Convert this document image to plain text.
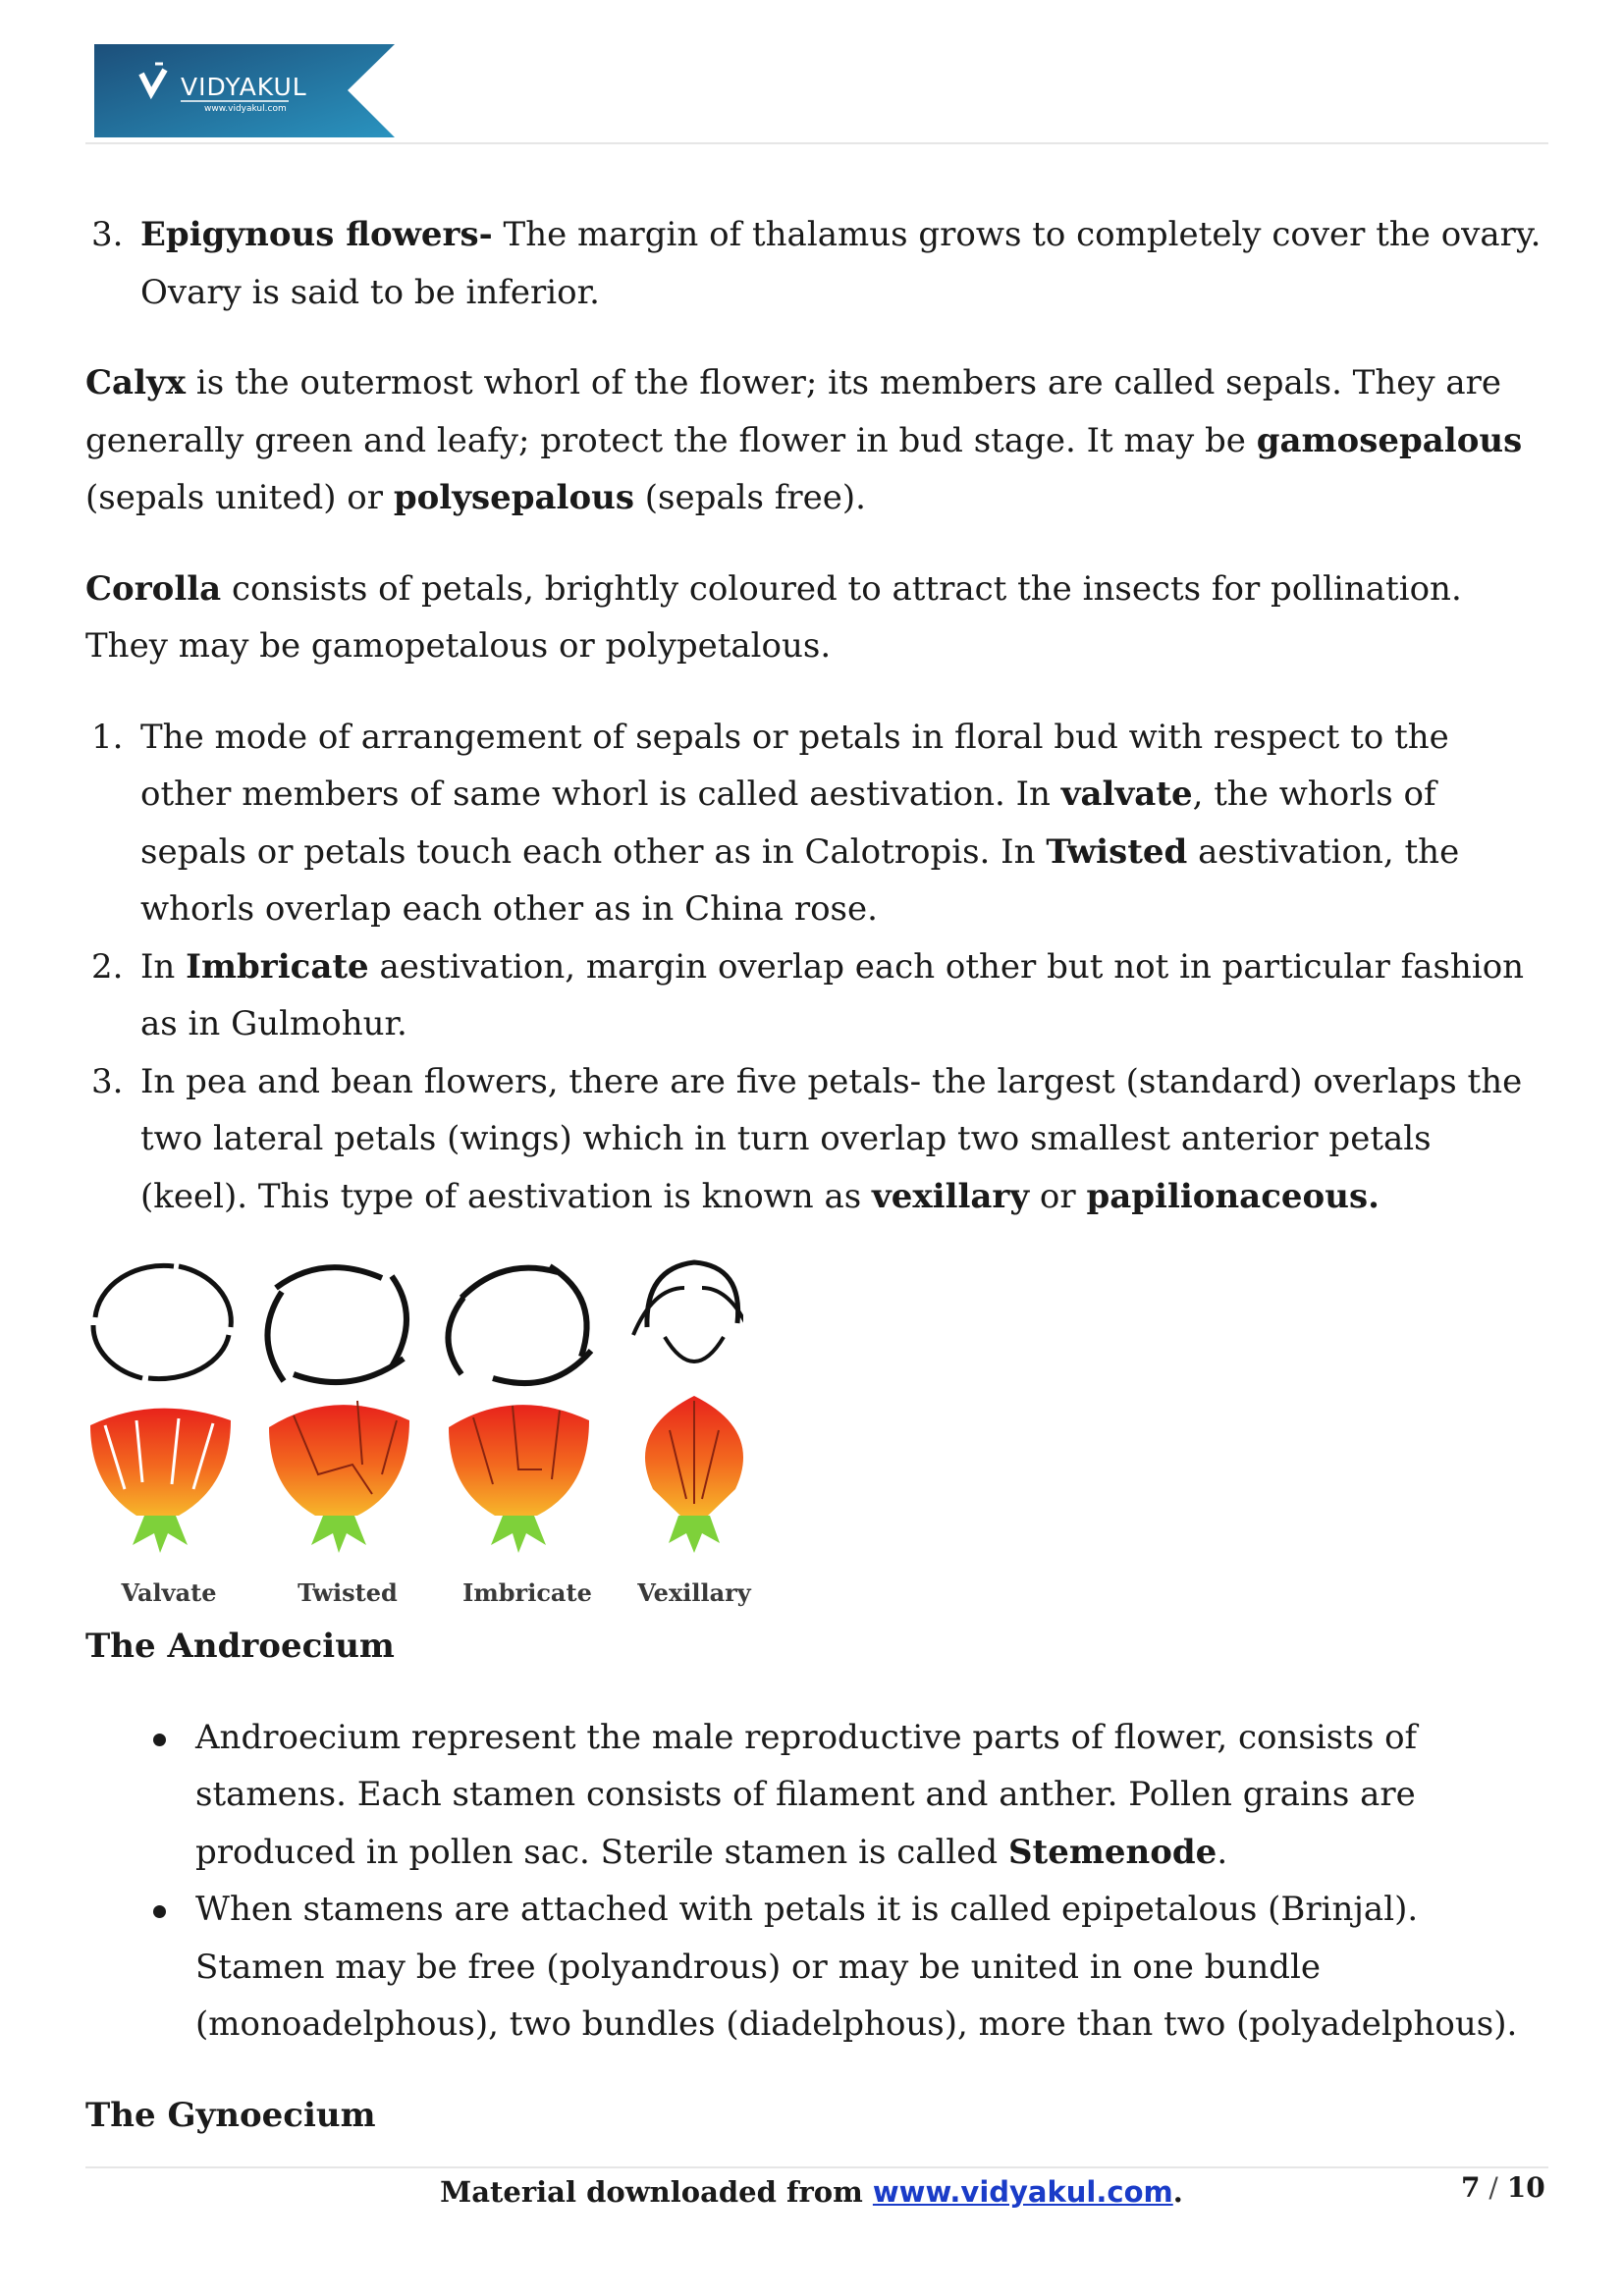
VIDYAKUL
www.vidyakul.com
3. Epigynous flowers- The margin of thalamus grows to completely cover the ovary. Ovary is said to be inferior.

Calyx is the outermost whorl of the flower; its members are called sepals. They are generally green and leafy; protect the flower in bud stage. It may be gamosepalous (sepals united) or polysepalous (sepals free).

Corolla consists of petals, brightly coloured to attract the insects for pollination. They may be gamopetalous or polypetalous.

1. The mode of arrangement of sepals or petals in floral bud with respect to the other members of same whorl is called aestivation. In valvate, the whorls of sepals or petals touch each other as in Calotropis. In Twisted aestivation, the whorls overlap each other as in China rose.
2. In Imbricate aestivation, margin overlap each other but not in particular fashion as in Gulmohur.
3. In pea and bean flowers, there are five petals- the largest (standard) overlaps the two lateral petals (wings) which in turn overlap two smallest anterior petals (keel). This type of aestivation is known as vexillary or papilionaceous.
Valvate	Twisted	Imbricate	Vexillary
The Androecium
Androecium represent the male reproductive parts of flower, consists of stamens. Each stamen consists of filament and anther. Pollen grains are produced in pollen sac. Sterile stamen is called Stemenode.
When stamens are attached with petals it is called epipetalous (Brinjal). Stamen may be free (polyandrous) or may be united in one bundle (monoadelphous), two bundles (diadelphous), more than two (polyadelphous).
The Gynoecium
Material downloaded from www.vidyakul.com.	7 / 10
